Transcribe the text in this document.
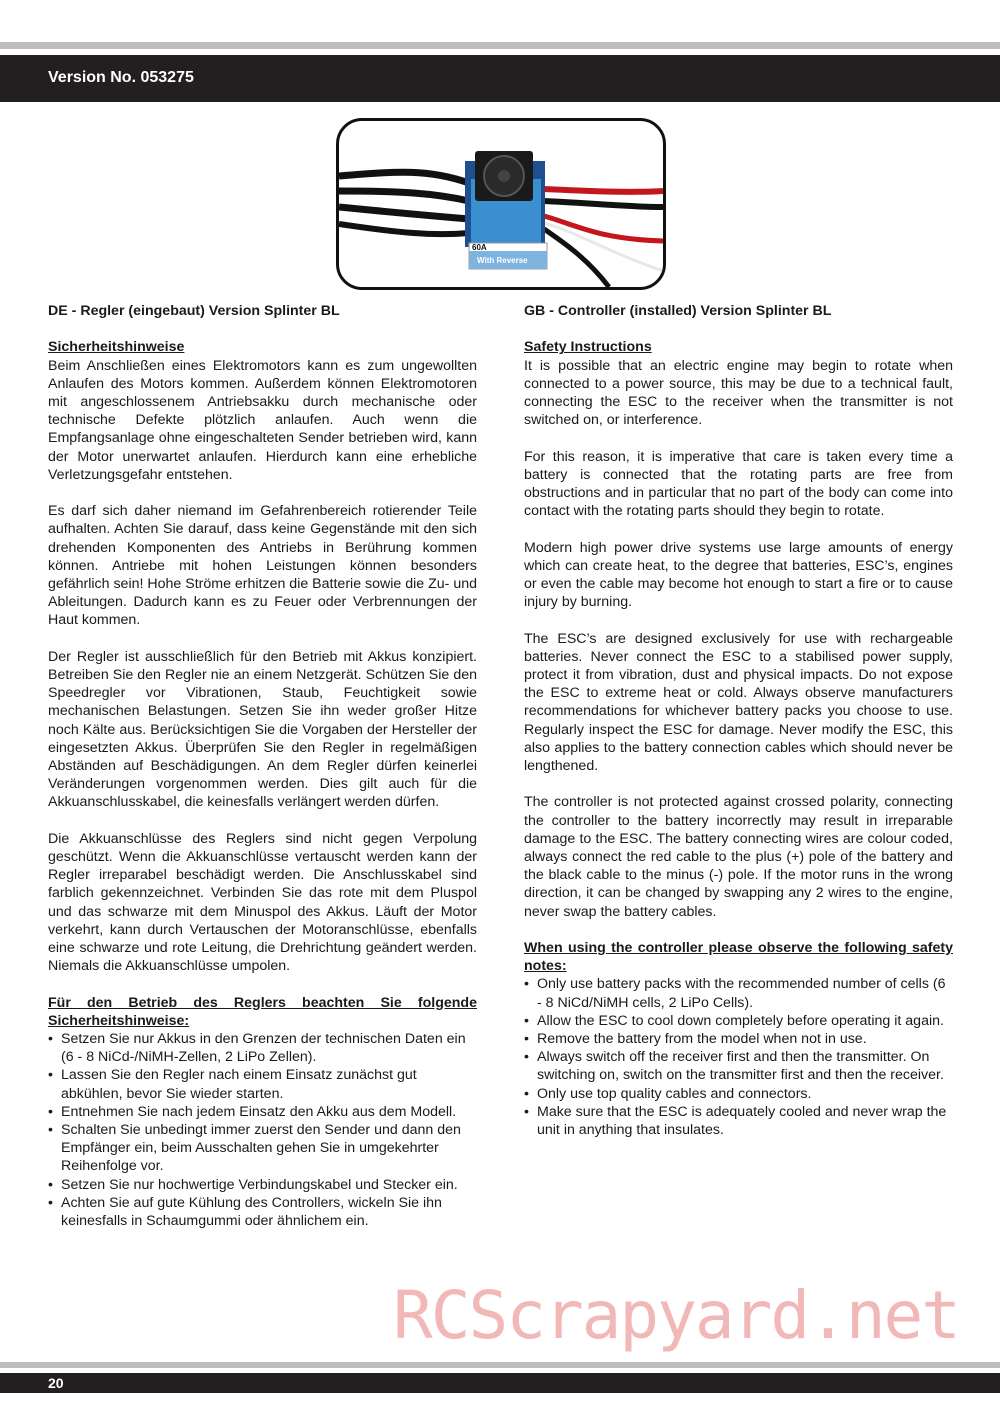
Version No. 053275
60A
With Reverse
DE - Regler (eingebaut) Version Splinter BL
Sicherheitshinweise

Beim Anschließen eines Elektromotors kann es zum ungewollten Anlaufen des Motors kommen. Außerdem können Elektromotoren mit angeschlossenem Antriebsakku durch mechanische oder technische Defekte plötzlich anlaufen. Auch wenn die Empfangsanlage ohne eingeschalteten Sender betrieben wird, kann der Motor unerwartet anlaufen. Hierdurch kann eine erhebliche Verletzungsgefahr entstehen.

Es darf sich daher niemand im Gefahrenbereich rotierender Teile aufhalten. Achten Sie darauf, dass keine Gegenstände mit den sich drehenden Komponenten des Antriebs in Berührung kommen können. Antriebe mit hohen Leistungen können besonders gefährlich sein! Hohe Ströme erhitzen die Batterie sowie die Zu- und Ableitungen. Dadurch kann es zu Feuer oder Verbrennungen der Haut kommen.

Der Regler ist ausschließlich für den Betrieb mit Akkus konzipiert. Betreiben Sie den Regler nie an einem Netzgerät. Schützen Sie den Speedregler vor Vibrationen, Staub, Feuchtigkeit sowie mechanischen Belastungen. Setzen Sie ihn weder großer Hitze noch Kälte aus. Berücksichtigen Sie die Vorgaben der Hersteller der eingesetzten Akkus. Überprüfen Sie den Regler in regelmäßigen Abständen auf Beschädigungen. An dem Regler dürfen keinerlei Veränderungen vorgenommen werden. Dies gilt auch für die Akkuanschlusskabel, die keinesfalls verlängert werden dürfen.

Die Akkuanschlüsse des Reglers sind nicht gegen Verpolung geschützt. Wenn die Akkuanschlüsse vertauscht werden kann der Regler irreparabel beschädigt werden. Die Anschlusskabel sind farblich gekennzeichnet. Verbinden Sie das rote mit dem Pluspol und das schwarze mit dem Minuspol des Akkus. Läuft der Motor verkehrt, kann durch Vertauschen der Motoranschlüsse, ebenfalls eine schwarze und rote Leitung, die Drehrichtung geändert werden. Niemals die Akkuanschlüsse umpolen.

Für den Betrieb des Reglers beachten Sie folgende Sicherheitshinweise:
• Setzen Sie nur Akkus in den Grenzen der technischen Daten ein (6 - 8 NiCd-/NiMH-Zellen, 2 LiPo Zellen).
• Lassen Sie den Regler nach einem Einsatz zunächst gut abkühlen, bevor Sie wieder starten.
• Entnehmen Sie nach jedem Einsatz den Akku aus dem Modell.
• Schalten Sie unbedingt immer zuerst den Sender und dann den Empfänger ein, beim Ausschalten gehen Sie in umgekehrter Reihenfolge vor.
• Setzen Sie nur hochwertige Verbindungskabel und Stecker ein.
• Achten Sie auf gute Kühlung des Controllers, wickeln Sie ihn keinesfalls in Schaumgummi oder ähnlichem ein.
GB - Controller (installed) Version Splinter BL
Safety Instructions

It is possible that an electric engine may begin to rotate when connected to a power source, this may be due to a technical fault, connecting the ESC to the receiver when the transmitter is not switched on, or interference.

For this reason, it is imperative that care is taken every time a battery is connected that the rotating parts are free from obstructions and in particular that no part of the body can come into contact with the rotating parts should they begin to rotate.

Modern high power drive systems use large amounts of energy which can create heat, to the degree that batteries, ESC’s, engines or even the cable may become hot enough to start a fire or to cause injury by burning.

The ESC’s are designed exclusively for use with rechargeable batteries. Never connect the ESC to a stabilised power supply, protect it from vibration, dust and physical impacts. Do not expose the ESC to extreme heat or cold. Always observe manufacturers recommendations for whichever battery packs you choose to use. Regularly inspect the ESC for damage. Never modify the ESC, this also applies to the battery connection cables which should never be lengthened.

The controller is not protected against crossed polarity, connecting the controller to the battery incorrectly may result in irreparable damage to the ESC. The battery connecting wires are colour coded, always connect the red cable to the plus (+) pole of the battery and the black cable to the minus (-) pole. If the motor runs in the wrong direction, it can be changed by swapping any 2 wires to the engine, never swap the battery cables.

When using the controller please observe the following safety notes:
• Only use battery packs with the recommended number of cells (6 - 8 NiCd/NiMH cells, 2 LiPo Cells).
• Allow the ESC to cool down completely before operating it again.
• Remove the battery from the model when not in use.
• Always switch off the receiver first and then the transmitter. On switching on, switch on the transmitter first and then the receiver.
• Only use top quality cables and connectors.
• Make sure that the ESC is adequately cooled and never wrap the unit in anything that insulates.
RCScrapyard.net
20
